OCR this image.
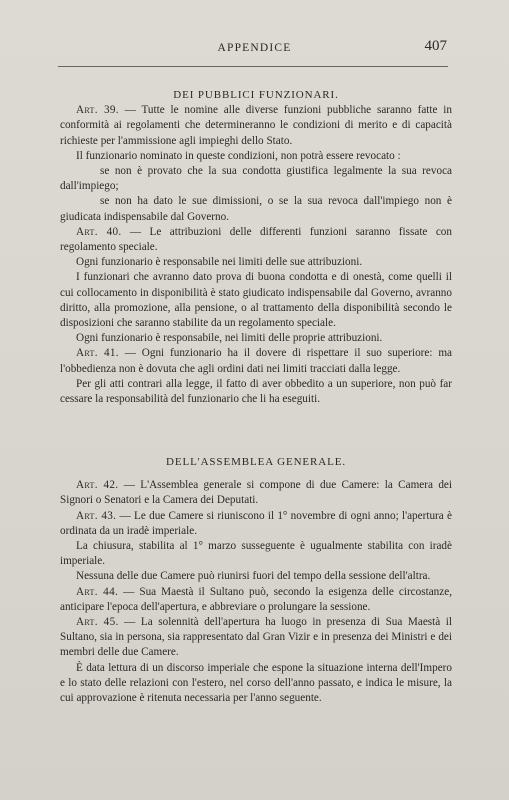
APPENDICE	407

DEI PUBBLICI FUNZIONARI.

Art. 39. — Tutte le nomine alle diverse funzioni pubbliche saranno fatte in conformità ai regolamenti che determineranno le condizioni di merito e di capacità richieste per l'ammissione agli impieghi dello Stato.

Il funzionario nominato in queste condizioni, non potrà essere revocato :

se non è provato che la sua condotta giustifica legalmente la sua revoca dall'impiego;

se non ha dato le sue dimissioni, o se la sua revoca dall'impiego non è giudicata indispensabile dal Governo.

Art. 40. — Le attribuzioni delle differenti funzioni saranno fissate con regolamento speciale.

Ogni funzionario è responsabile nei limiti delle sue attribuzioni.

I funzionari che avranno dato prova di buona condotta e di onestà, come quelli il cui collocamento in disponibilità è stato giudicato indispensabile dal Governo, avranno diritto, alla promozione, alla pensione, o al trattamento della disponibilità secondo le disposizioni che saranno stabilite da un regolamento speciale.

Ogni funzionario è responsabile, nei limiti delle proprie attribuzioni.

Art. 41. — Ogni funzionario ha il dovere di rispettare il suo superiore: ma l'obbedienza non è dovuta che agli ordini dati nei limiti tracciati dalla legge.

Per gli atti contrari alla legge, il fatto di aver obbedito a un superiore, non può far cessare la responsabilità del funzionario che li ha eseguiti.

DELL'ASSEMBLEA GENERALE.

Art. 42. — L'Assemblea generale si compone di due Camere: la Camera dei Signori o Senatori e la Camera dei Deputati.

Art. 43. — Le due Camere si riuniscono il 1° novembre di ogni anno; l'apertura è ordinata da un iradè imperiale.

La chiusura, stabilita al 1° marzo susseguente è ugualmente stabilita con iradè imperiale.

Nessuna delle due Camere può riunirsi fuori del tempo della sessione dell'altra.

Art. 44. — Sua Maestà il Sultano può, secondo la esigenza delle circostanze, anticipare l'epoca dell'apertura, e abbreviare o prolungare la sessione.

Art. 45. — La solennità dell'apertura ha luogo in presenza di Sua Maestà il Sultano, sia in persona, sia rappresentato dal Gran Vizir e in presenza dei Ministri e dei membri delle due Camere.

È data lettura di un discorso imperiale che espone la situazione interna dell'Impero e lo stato delle relazioni con l'estero, nel corso dell'anno passato, e indica le misure, la cui approvazione è ritenuta necessaria per l'anno seguente.
